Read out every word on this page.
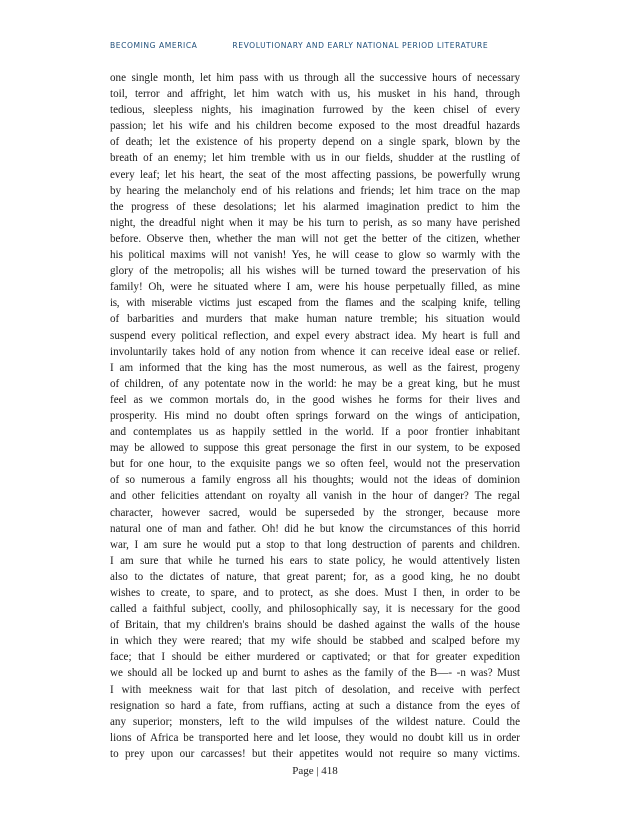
BECOMING AMERICA	REVOLUTIONARY AND EARLY NATIONAL PERIOD LITERATURE
one single month, let him pass with us through all the successive hours of necessary
toil, terror and affright, let him watch with us, his musket in his hand, through
tedious, sleepless nights, his imagination furrowed by the keen chisel of every
passion; let his wife and his children become exposed to the most dreadful hazards
of death; let the existence of his property depend on a single spark, blown by the
breath of an enemy; let him tremble with us in our fields, shudder at the rustling of
every leaf; let his heart, the seat of the most affecting passions, be powerfully wrung
by hearing the melancholy end of his relations and friends; let him trace on the map
the progress of these desolations; let his alarmed imagination predict to him the
night, the dreadful night when it may be his turn to perish, as so many have perished
before. Observe then, whether the man will not get the better of the citizen, whether
his political maxims will not vanish! Yes, he will cease to glow so warmly with the
glory of the metropolis; all his wishes will be turned toward the preservation of his
family! Oh, were he situated where I am, were his house perpetually filled, as mine
is, with miserable victims just escaped from the flames and the scalping knife, telling
of barbarities and murders that make human nature tremble; his situation would
suspend every political reflection, and expel every abstract idea. My heart is full and
involuntarily takes hold of any notion from whence it can receive ideal ease or relief.
I am informed that the king has the most numerous, as well as the fairest, progeny
of children, of any potentate now in the world: he may be a great king, but he must
feel as we common mortals do, in the good wishes he forms for their lives and
prosperity. His mind no doubt often springs forward on the wings of anticipation,
and contemplates us as happily settled in the world. If a poor frontier inhabitant
may be allowed to suppose this great personage the first in our system, to be exposed
but for one hour, to the exquisite pangs we so often feel, would not the preservation
of so numerous a family engross all his thoughts; would not the ideas of dominion
and other felicities attendant on royalty all vanish in the hour of danger? The regal
character, however sacred, would be superseded by the stronger, because more
natural one of man and father. Oh! did he but know the circumstances of this horrid
war, I am sure he would put a stop to that long destruction of parents and children.
I am sure that while he turned his ears to state policy, he would attentively listen
also to the dictates of nature, that great parent; for, as a good king, he no doubt
wishes to create, to spare, and to protect, as she does. Must I then, in order to be
called a faithful subject, coolly, and philosophically say, it is necessary for the good
of Britain, that my children's brains should be dashed against the walls of the house
in which they were reared; that my wife should be stabbed and scalped before my
face; that I should be either murdered or captivated; or that for greater expedition
we should all be locked up and burnt to ashes as the family of the B—- -n was? Must
I with meekness wait for that last pitch of desolation, and receive with perfect
resignation so hard a fate, from ruffians, acting at such a distance from the eyes of
any superior; monsters, left to the wild impulses of the wildest nature. Could the
lions of Africa be transported here and let loose, they would no doubt kill us in order
to prey upon our carcasses! but their appetites would not require so many victims.
Page | 418
